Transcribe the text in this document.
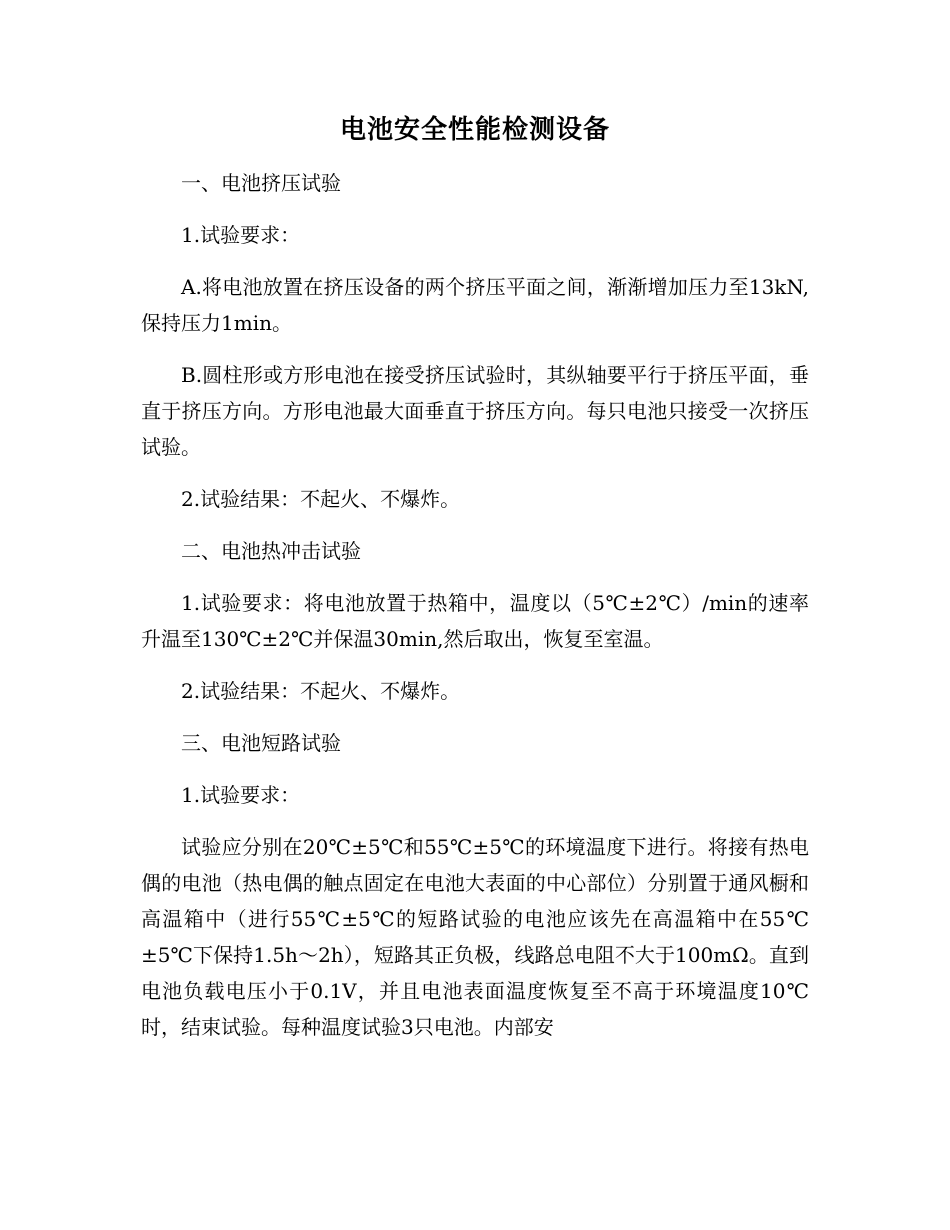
电池安全性能检测设备

一、电池挤压试验

1.试验要求：

A.将电池放置在挤压设备的两个挤压平面之间，渐渐增加压力至13kN,保持压力1min。

B.圆柱形或方形电池在接受挤压试验时，其纵轴要平行于挤压平面，垂直于挤压方向。方形电池最大面垂直于挤压方向。每只电池只接受一次挤压试验。

2.试验结果：不起火、不爆炸。

二、电池热冲击试验

1.试验要求：将电池放置于热箱中，温度以（5℃±2℃）/min的速率升温至130℃±2℃并保温30min,然后取出，恢复至室温。

2.试验结果：不起火、不爆炸。

三、电池短路试验

1.试验要求：

试验应分别在20℃±5℃和55℃±5℃的环境温度下进行。将接有热电偶的电池（热电偶的触点固定在电池大表面的中心部位）分别置于通风橱和高温箱中（进行55℃±5℃的短路试验的电池应该先在高温箱中在55℃±5℃下保持1.5h～2h），短路其正负极，线路总电阻不大于100mΩ。直到电池负载电压小于0.1V，并且电池表面温度恢复至不高于环境温度10℃时，结束试验。每种温度试验3只电池。内部安
